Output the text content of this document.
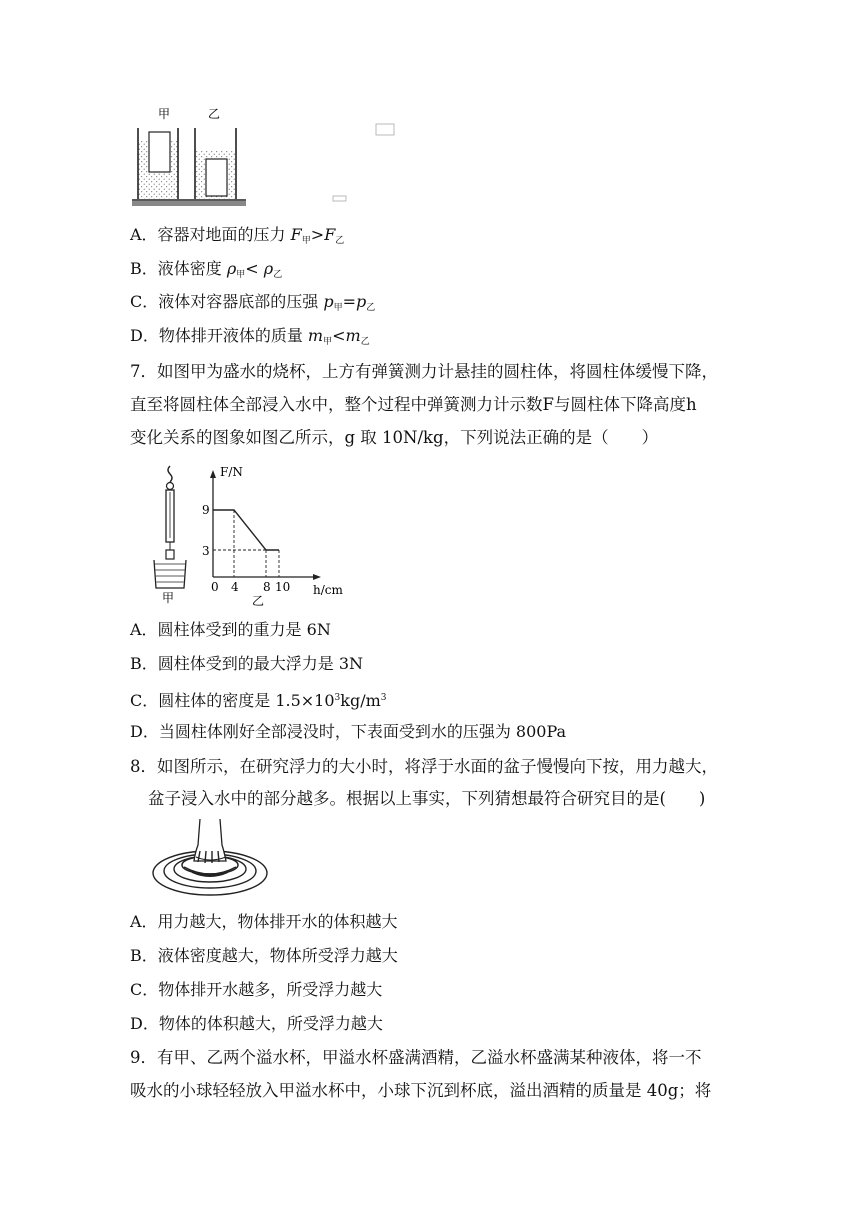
甲	乙
A．容器对地面的压力 $F_甲>F_乙$
B．液体密度 $\rho_甲< \rho_乙$
C．液体对容器底部的压强 $p_甲=p_乙$
D．物体排开液体的质量 $m_甲<m_乙$
7．如图甲为盛水的烧杯，上方有弹簧测力计悬挂的圆柱体，将圆柱体缓慢下降，
直至将圆柱体全部浸入水中，整个过程中弹簧测力计示数F与圆柱体下降高度h
变化关系的图象如图乙所示，g 取 10N/kg，下列说法正确的是（　　）
甲
F/N
h/cm
9
3
0 4 8 10
乙
A．圆柱体受到的重力是 6N
B．圆柱体受到的最大浮力是 3N
C．圆柱体的密度是 $1.5\times 10^3kg/m^3$
D．当圆柱体刚好全部浸没时，下表面受到水的压强为 800Pa
8．如图所示，在研究浮力的大小时，将浮于水面的盆子慢慢向下按，用力越大，
盆子浸入水中的部分越多。根据以上事实，下列猜想最符合研究目的是(　　)
A．用力越大，物体排开水的体积越大
B．液体密度越大，物体所受浮力越大
C．物体排开水越多，所受浮力越大
D．物体的体积越大，所受浮力越大
9．有甲、乙两个溢水杯，甲溢水杯盛满酒精，乙溢水杯盛满某种液体，将一不
吸水的小球轻轻放入甲溢水杯中，小球下沉到杯底，溢出酒精的质量是 40g；将
